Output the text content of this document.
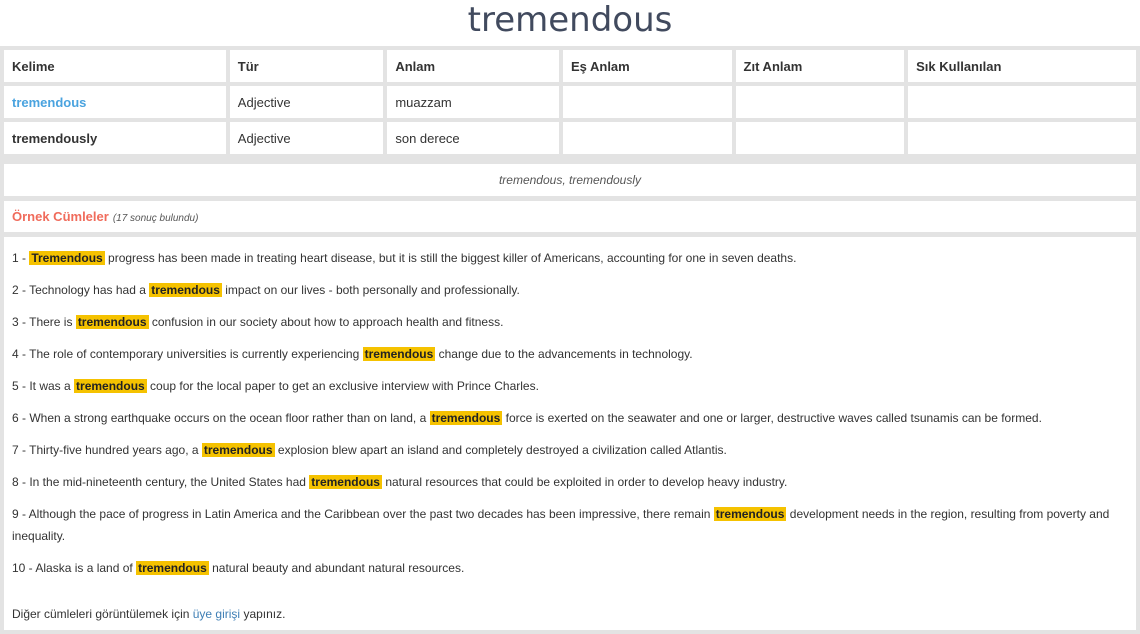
tremendous
Kelime	Tür	Anlam	Eş Anlam	Zıt Anlam	Sık Kullanılan
tremendous	Adjective	muazzam			
tremendously	Adjective	son derece			
tremendous, tremendously
Örnek Cümleler (17 sonuç bulundu)

1 - Tremendous progress has been made in treating heart disease, but it is still the biggest killer of Americans, accounting for one in seven deaths.

2 - Technology has had a tremendous impact on our lives - both personally and professionally.

3 - There is tremendous confusion in our society about how to approach health and fitness.

4 - The role of contemporary universities is currently experiencing tremendous change due to the advancements in technology.

5 - It was a tremendous coup for the local paper to get an exclusive interview with Prince Charles.

6 - When a strong earthquake occurs on the ocean floor rather than on land, a tremendous force is exerted on the seawater and one or larger, destructive waves called tsunamis can be formed.

7 - Thirty-five hundred years ago, a tremendous explosion blew apart an island and completely destroyed a civilization called Atlantis.

8 - In the mid-nineteenth century, the United States had tremendous natural resources that could be exploited in order to develop heavy industry.

9 - Although the pace of progress in Latin America and the Caribbean over the past two decades has been impressive, there remain tremendous development needs in the region, resulting from poverty and inequality.

10 - Alaska is a land of tremendous natural beauty and abundant natural resources.

Diğer cümleleri görüntülemek için üye girişi yapınız.
